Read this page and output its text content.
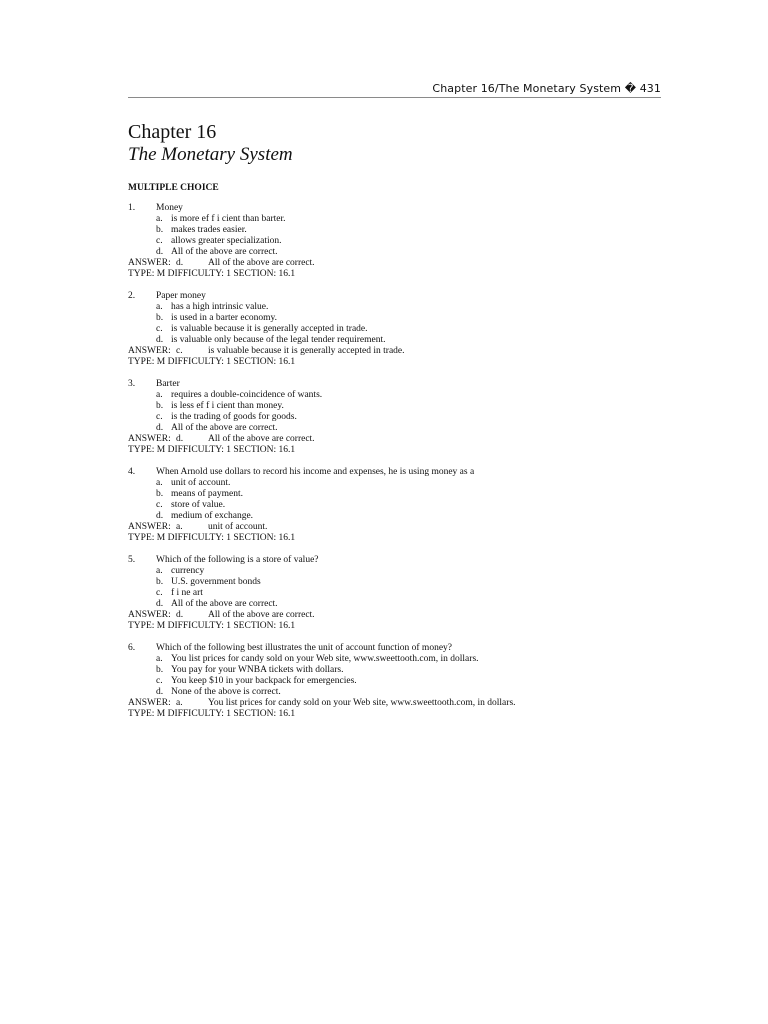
Chapter 16/The Monetary System � 431
Chapter 16
The Monetary System
MULTIPLE CHOICE
1. Money
a. is more ef f i cient than barter.
b. makes trades easier.
c. allows greater specialization.
d. All of the above are correct.
ANSWER: d.	All of the above are correct.
TYPE: M DIFFICULTY: 1 SECTION: 16.1
2. Paper money
a. has a high intrinsic value.
b. is used in a barter economy.
c. is valuable because it is generally accepted in trade.
d. is valuable only because of the legal tender requirement.
ANSWER: c.	is valuable because it is generally accepted in trade.
TYPE: M DIFFICULTY: 1 SECTION: 16.1
3. Barter
a. requires a double-coincidence of wants.
b. is less ef f i cient than money.
c. is the trading of goods for goods.
d. All of the above are correct.
ANSWER: d.	All of the above are correct.
TYPE: M DIFFICULTY: 1 SECTION: 16.1
4. When Arnold use dollars to record his income and expenses, he is using money as a
a. unit of account.
b. means of payment.
c. store of value.
d. medium of exchange.
ANSWER: a.	unit of account.
TYPE: M DIFFICULTY: 1 SECTION: 16.1
5. Which of the following is a store of value?
a. currency
b. U.S. government bonds
c. f i ne art
d. All of the above are correct.
ANSWER: d.	All of the above are correct.
TYPE: M DIFFICULTY: 1 SECTION: 16.1
6. Which of the following best illustrates the unit of account function of money?
a. You list prices for candy sold on your Web site, www.sweettooth.com, in dollars.
b. You pay for your WNBA tickets with dollars.
c. You keep $10 in your backpack for emergencies.
d. None of the above is correct.
ANSWER: a.	You list prices for candy sold on your Web site, www.sweettooth.com, in dollars.
TYPE: M DIFFICULTY: 1 SECTION: 16.1
